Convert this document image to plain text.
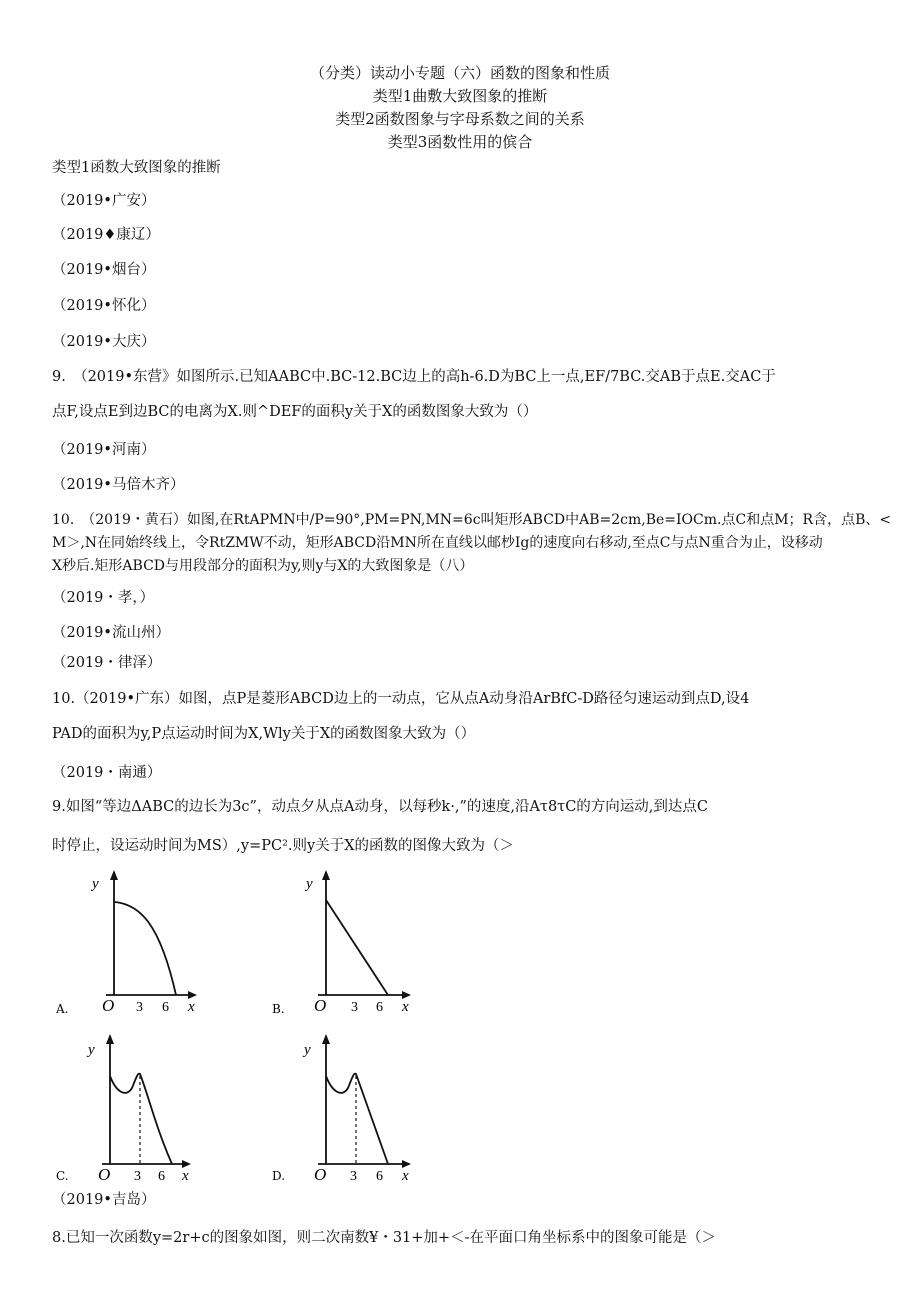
（分类）读动小专题（六）函数的图象和性质
类型1曲敷大致图象的推断
类型2函数图象与字母系数之间的关系
类型3函数性用的傧合
类型1函数大致图象的推断
（2019•广安）
（2019♦康辽）
（2019•烟台）
（2019•怀化）
（2019•大庆）
9.　（2019•东营》如图所示.已知AABC中.BC-12.BC边上的高h-6.D为BC上一点,EF/7BC.交AB于点E.交AC于
点F,设点E到边BC的电离为X.则^DEF的面积y关于X的函数图象大致为（）
（2019•河南）
（2019•马倍木齐）
10.　（2019・黄石）如图,在RtAPMN中/P=90°,PM=PN,MN=6c叫矩形ABCD中AB=2cm,Be=IOCm.点C和点M；R含，点B、<
M＞,N在同始终线上，令RtZMW不动，矩形ABCD沿MN所在直线以邮杪Ig的速度向右移动,至点C与点N重合为止，设移动
X秒后.矩形ABCD与用段部分的面积为y,则y与X的大致图象是（八）
（2019・孝，）
（2019•流山州）
（2019・律泽）
10.（2019•广东）如图，点P是菱形ABCD边上的一动点，它从点A动身沿ArBfC-D路径匀速运动到点D,设4
PAD的面积为y,P点运动时间为X,Wly关于X的函数图象大致为（）
（2019・南通）
9.如图“等边ΔABC的边长为3c”，动点夕从点A动身，以每秒k·,”的速度,沿Aτ8τC的方向运动,到达点C
时停止，设运动时间为MS）,y=PC².则y关于X的函数的图像大致为（＞
y
O 3 6 x
A.
y
O 3 6 x
B.
y
O 3 6 x
C.
y
O 3 6 x
D.
（2019•吉岛）
8.已知一次函数y=2r+c的图象如图，则二次南数¥・31+加+＜-在平面口角坐标系中的图象可能是（＞
